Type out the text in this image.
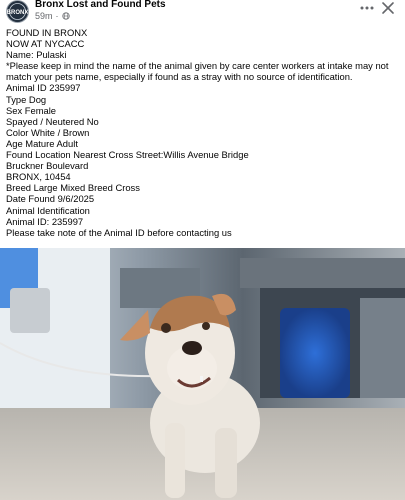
BRONX
Bronx Lost and Found Pets
59m ·
FOUND IN BRONX
NOW AT NYCACC
Name: Pulaski
*Please keep in mind the name of the animal given by care center workers at intake may not match your pets name, especially if found as a stray with no source of identification.
Animal ID 235997
Type Dog
Sex Female
Spayed / Neutered No
Color White / Brown
Age Mature Adult
Found Location Nearest Cross Street:Willis Avenue Bridge
Bruckner Boulevard
BRONX, 10454
Breed Large Mixed Breed Cross
Date Found 9/6/2025
Animal Identification
Animal ID: 235997
Please take note of the Animal ID before contacting us
